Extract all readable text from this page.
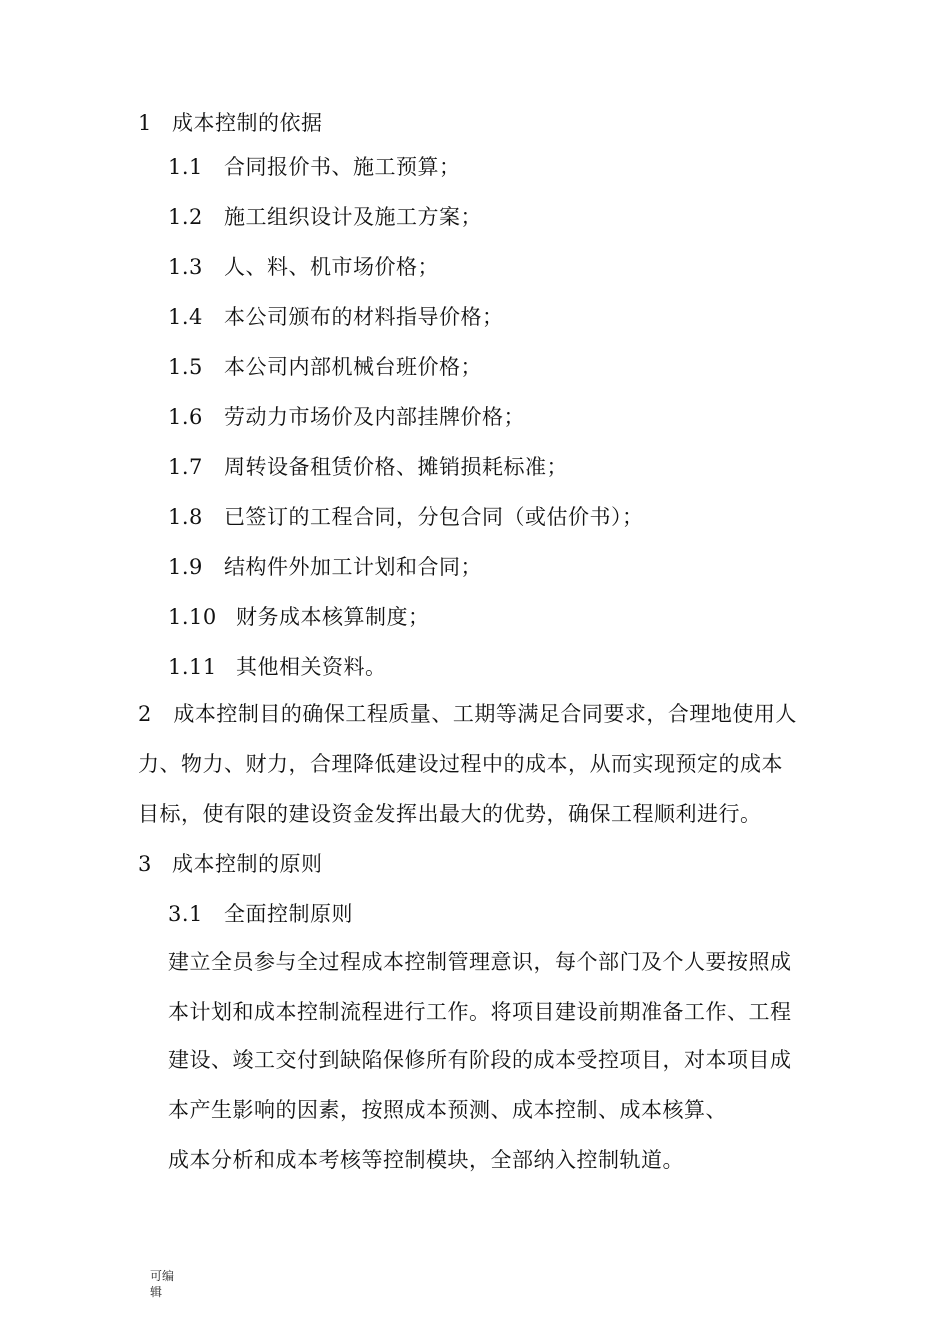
1 成本控制的依据
1.1 合同报价书、施工预算；
1.2 施工组织设计及施工方案；
1.3 人、料、机市场价格；
1.4 本公司颁布的材料指导价格；
1.5 本公司内部机械台班价格；
1.6 劳动力市场价及内部挂牌价格；
1.7 周转设备租赁价格、摊销损耗标准；
1.8 已签订的工程合同，分包合同（或估价书）；
1.9 结构件外加工计划和合同；
1.10 财务成本核算制度；
1.11 其他相关资料。
2　成本控制目的确保工程质量、工期等满足合同要求，合理地使用人
力、物力、财力，合理降低建设过程中的成本，从而实现预定的成本
目标，使有限的建设资金发挥出最大的优势，确保工程顺利进行。
3 成本控制的原则
3.1 全面控制原则
建立全员参与全过程成本控制管理意识，每个部门及个人要按照成
本计划和成本控制流程进行工作。将项目建设前期准备工作、工程
建设、竣工交付到缺陷保修所有阶段的成本受控项目，对本项目成
本产生影响的因素，按照成本预测、成本控制、成本核算、
成本分析和成本考核等控制模块，全部纳入控制轨道。
可编
辑
